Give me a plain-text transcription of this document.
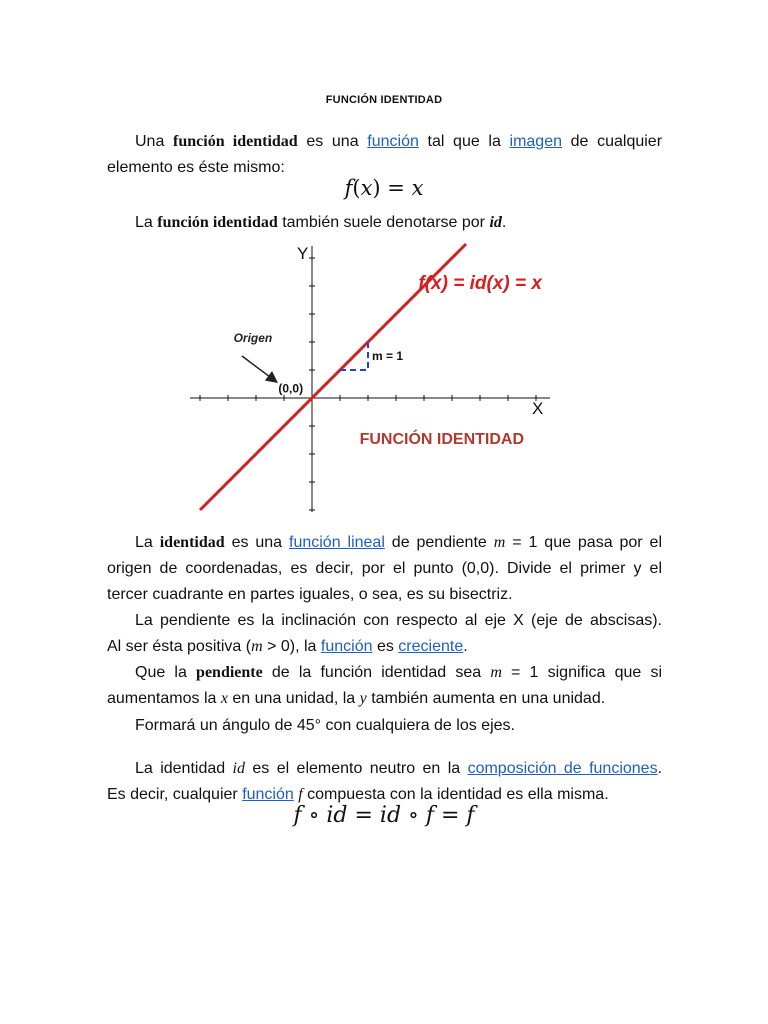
FUNCIÓN IDENTIDAD
Una función identidad es una función tal que la imagen de cualquier
elemento es éste mismo:
f(x) = x
La función identidad también suele denotarse por id.
X
Y
m = 1
f(x) = id(x) = x
Origen
(0,0)
FUNCIÓN IDENTIDAD
La identidad es una función lineal de pendiente m = 1 que pasa por el
origen de coordenadas, es decir, por el punto (0,0). Divide el primer y el
tercer cuadrante en partes iguales, o sea, es su bisectriz.
La pendiente es la inclinación con respecto al eje X (eje de abscisas).
Al ser ésta positiva (m > 0), la función es creciente.
Que la pendiente de la función identidad sea m = 1 significa que si
aumentamos la x en una unidad, la y también aumenta en una unidad.
Formará un ángulo de 45° con cualquiera de los ejes.
La identidad id es el elemento neutro en la composición de funciones.
Es decir, cualquier función f compuesta con la identidad es ella misma.
f ∘ id = id ∘ f = f
